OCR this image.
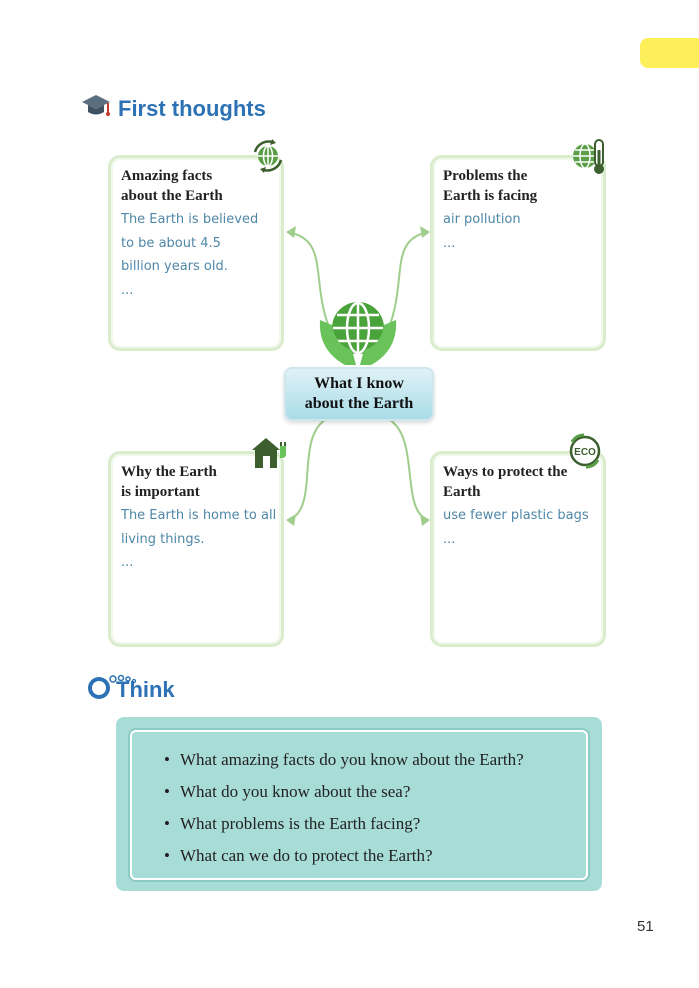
First thoughts
Amazing facts
about the Earth
The Earth is believed
to be about 4.5
billion years old.
...
Problems the
Earth is facing
air pollution
...
What I know
about the Earth
Why the Earth
is important
The Earth is home to all
living things.
...
Ways to protect the
Earth
use fewer plastic bags
...
ECO
Think
• What amazing facts do you know about the Earth?
• What do you know about the sea?
• What problems is the Earth facing?
• What can we do to protect the Earth?
51
